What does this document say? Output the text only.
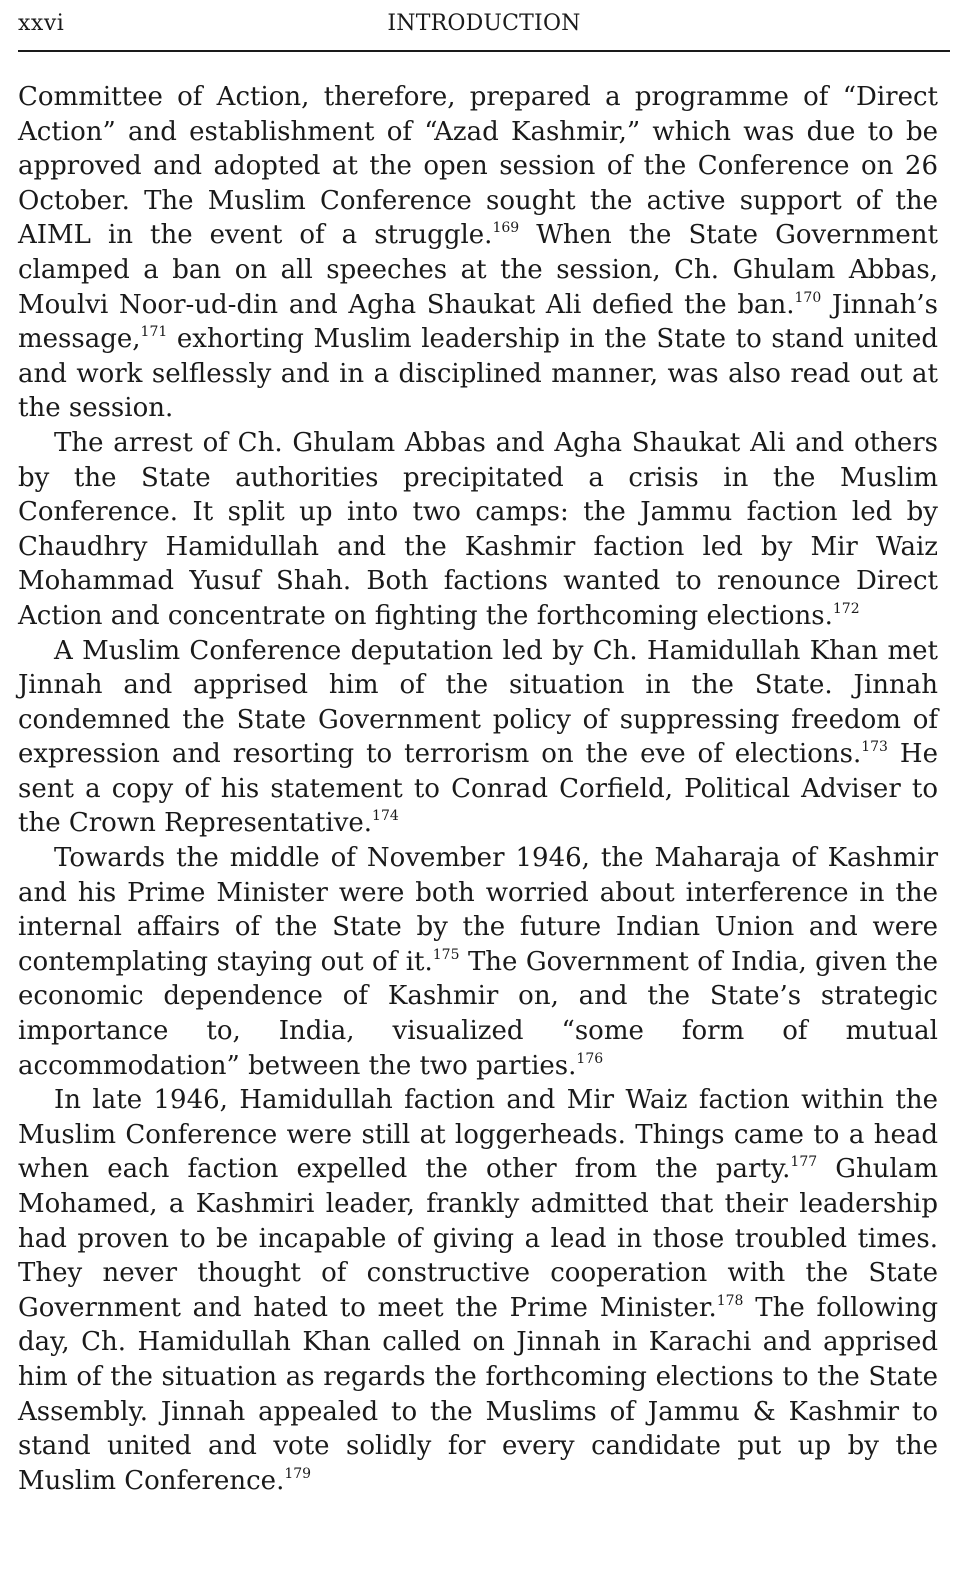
xxvi	INTRODUCTION

Committee of Action, therefore, prepared a programme of “Direct Action” and establishment of “Azad Kashmir,” which was due to be approved and adopted at the open session of the Conference on 26 October. The Muslim Conference sought the active support of the AIML in the event of a struggle.$^{169}$ When the State Government clamped a ban on all speeches at the session, Ch. Ghulam Abbas, Moulvi Noor-ud-din and Agha Shaukat Ali defied the ban.$^{170}$ Jinnah’s message,$^{171}$ exhorting Muslim leadership in the State to stand united and work selflessly and in a disciplined manner, was also read out at the session.

The arrest of Ch. Ghulam Abbas and Agha Shaukat Ali and others by the State authorities precipitated a crisis in the Muslim Conference. It split up into two camps: the Jammu faction led by Chaudhry Hamidullah and the Kashmir faction led by Mir Waiz Mohammad Yusuf Shah. Both factions wanted to renounce Direct Action and concentrate on fighting the forthcoming elections.$^{172}$

A Muslim Conference deputation led by Ch. Hamidullah Khan met Jinnah and apprised him of the situation in the State. Jinnah condemned the State Government policy of suppressing freedom of expression and resorting to terrorism on the eve of elections.$^{173}$ He sent a copy of his statement to Conrad Corfield, Political Adviser to the Crown Representative.$^{174}$

Towards the middle of November 1946, the Maharaja of Kashmir and his Prime Minister were both worried about interference in the internal affairs of the State by the future Indian Union and were contemplating staying out of it.$^{175}$ The Government of India, given the economic dependence of Kashmir on, and the State’s strategic importance to, India, visualized “some form of mutual accommodation” between the two parties.$^{176}$

In late 1946, Hamidullah faction and Mir Waiz faction within the Muslim Conference were still at loggerheads. Things came to a head when each faction expelled the other from the party.$^{177}$ Ghulam Mohamed, a Kashmiri leader, frankly admitted that their leadership had proven to be incapable of giving a lead in those troubled times. They never thought of constructive cooperation with the State Government and hated to meet the Prime Minister.$^{178}$ The following day, Ch. Hamidullah Khan called on Jinnah in Karachi and apprised him of the situation as regards the forthcoming elections to the State Assembly. Jinnah appealed to the Muslims of Jammu & Kashmir to stand united and vote solidly for every candidate put up by the Muslim Conference.$^{179}$
